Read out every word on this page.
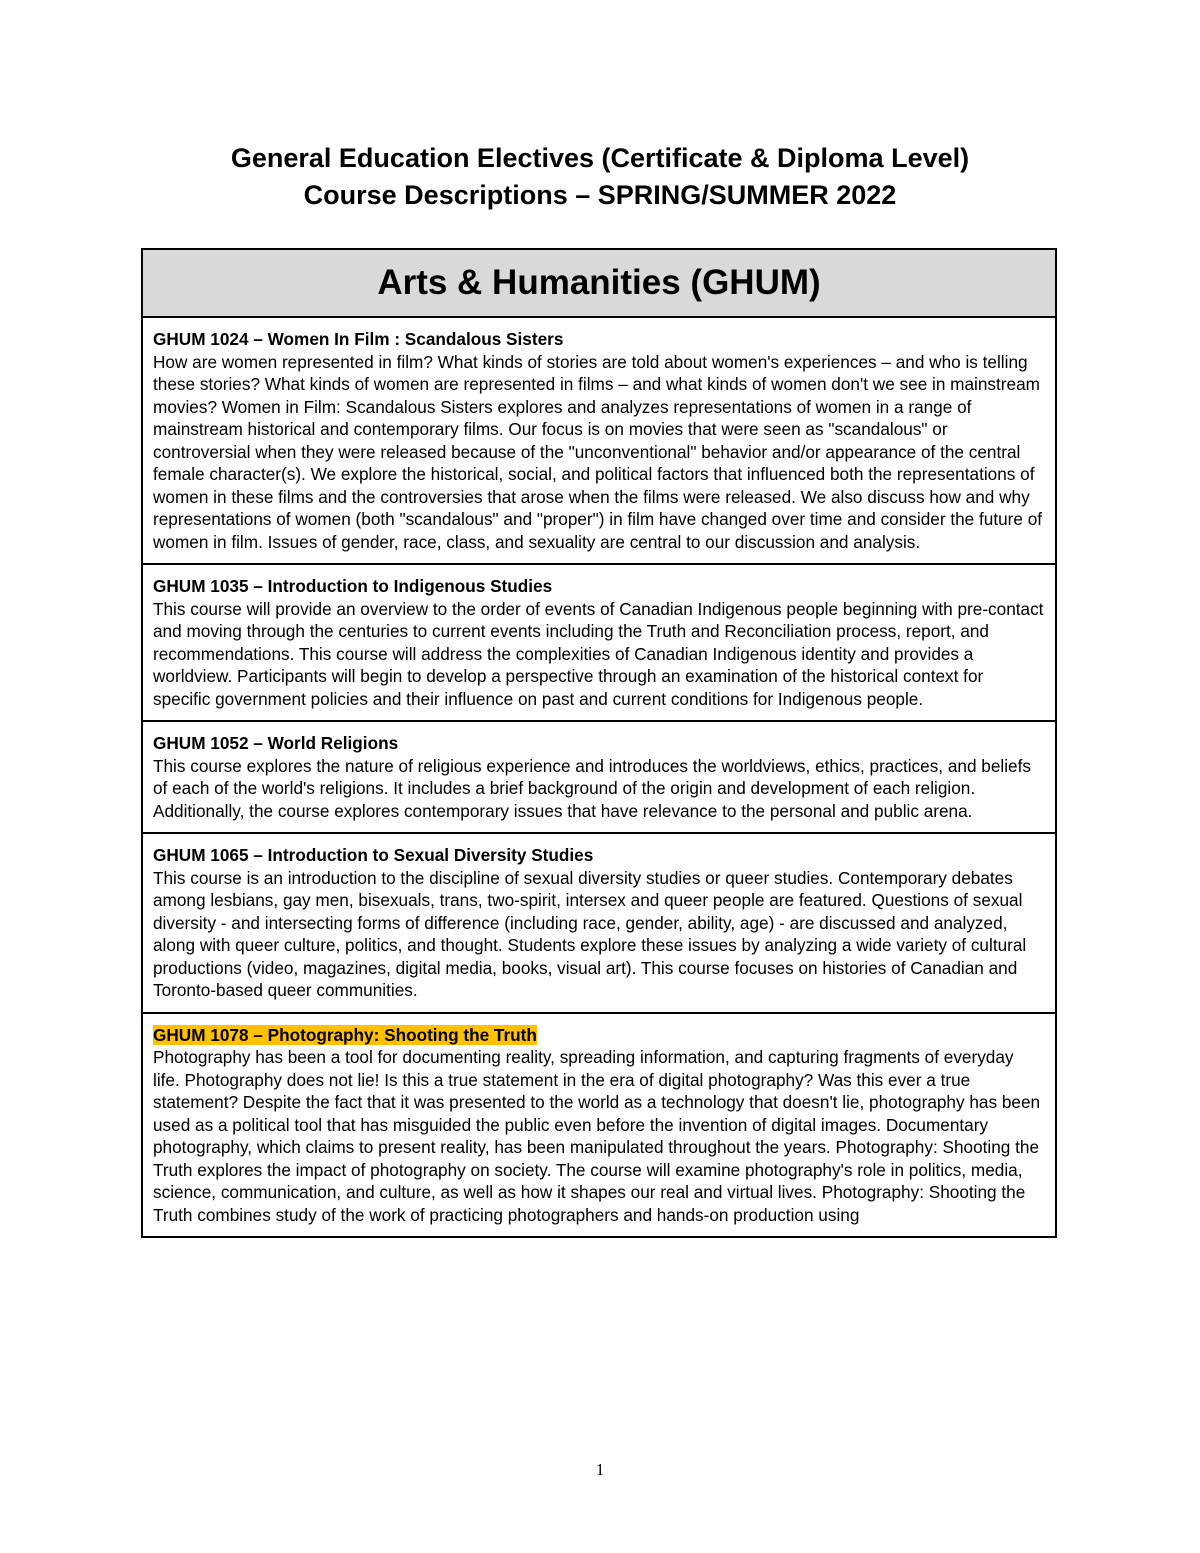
General Education Electives (Certificate & Diploma Level)
Course Descriptions – SPRING/SUMMER 2022
Arts & Humanities (GHUM)
GHUM 1024 – Women In Film : Scandalous Sisters
How are women represented in film? What kinds of stories are told about women's experiences – and who is telling these stories? What kinds of women are represented in films – and what kinds of women don't we see in mainstream movies? Women in Film: Scandalous Sisters explores and analyzes representations of women in a range of mainstream historical and contemporary films. Our focus is on movies that were seen as "scandalous" or controversial when they were released because of the "unconventional" behavior and/or appearance of the central female character(s). We explore the historical, social, and political factors that influenced both the representations of women in these films and the controversies that arose when the films were released. We also discuss how and why representations of women (both "scandalous" and "proper") in film have changed over time and consider the future of women in film. Issues of gender, race, class, and sexuality are central to our discussion and analysis.
GHUM 1035 – Introduction to Indigenous Studies
This course will provide an overview to the order of events of Canadian Indigenous people beginning with pre-contact and moving through the centuries to current events including the Truth and Reconciliation process, report, and recommendations. This course will address the complexities of Canadian Indigenous identity and provides a worldview. Participants will begin to develop a perspective through an examination of the historical context for specific government policies and their influence on past and current conditions for Indigenous people.
GHUM 1052 – World Religions
This course explores the nature of religious experience and introduces the worldviews, ethics, practices, and beliefs of each of the world's religions. It includes a brief background of the origin and development of each religion. Additionally, the course explores contemporary issues that have relevance to the personal and public arena.
GHUM 1065 – Introduction to Sexual Diversity Studies
This course is an introduction to the discipline of sexual diversity studies or queer studies. Contemporary debates among lesbians, gay men, bisexuals, trans, two-spirit, intersex and queer people are featured. Questions of sexual diversity - and intersecting forms of difference (including race, gender, ability, age) - are discussed and analyzed, along with queer culture, politics, and thought. Students explore these issues by analyzing a wide variety of cultural productions (video, magazines, digital media, books, visual art). This course focuses on histories of Canadian and Toronto-based queer communities.
GHUM 1078 – Photography: Shooting the Truth
Photography has been a tool for documenting reality, spreading information, and capturing fragments of everyday life. Photography does not lie! Is this a true statement in the era of digital photography? Was this ever a true statement? Despite the fact that it was presented to the world as a technology that doesn't lie, photography has been used as a political tool that has misguided the public even before the invention of digital images. Documentary photography, which claims to present reality, has been manipulated throughout the years. Photography: Shooting the Truth explores the impact of photography on society. The course will examine photography's role in politics, media, science, communication, and culture, as well as how it shapes our real and virtual lives. Photography: Shooting the Truth combines study of the work of practicing photographers and hands-on production using
1
